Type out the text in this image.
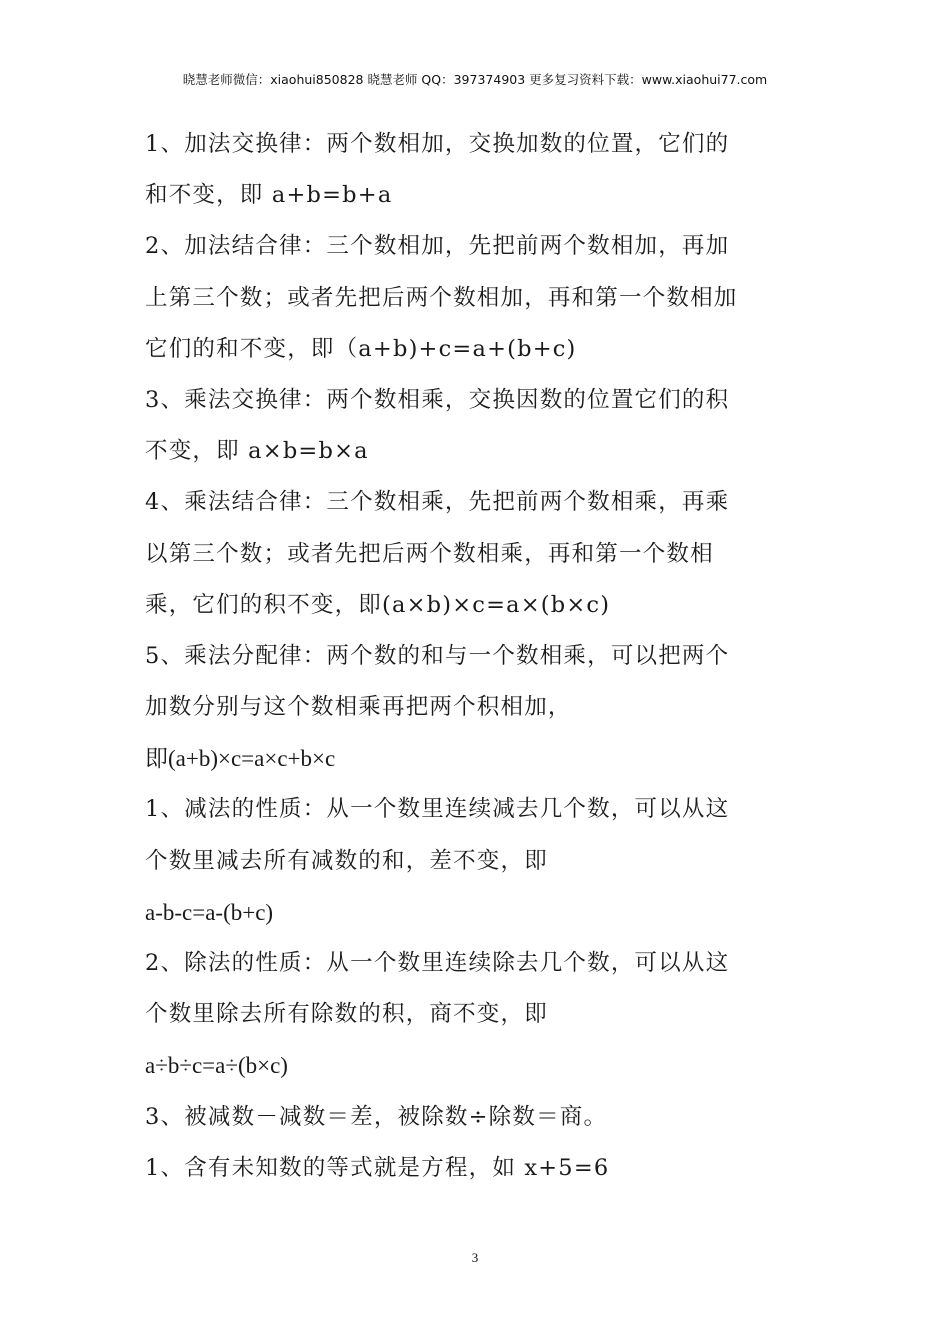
晓慧老师微信：xiaohui850828 晓慧老师 QQ：397374903 更多复习资料下载：www.xiaohui77.com
1、加法交换律：两个数相加，交换加数的位置，它们的
和不变，即 a+b=b+a
2、加法结合律：三个数相加，先把前两个数相加，再加
上第三个数；或者先把后两个数相加，再和第一个数相加
它们的和不变，即（a+b)+c=a+(b+c)
3、乘法交换律：两个数相乘，交换因数的位置它们的积
不变，即 a×b=b×a
4、乘法结合律：三个数相乘，先把前两个数相乘，再乘
以第三个数；或者先把后两个数相乘，再和第一个数相
乘，它们的积不变，即(a×b)×c=a×(b×c)
5、乘法分配律：两个数的和与一个数相乘，可以把两个
加数分别与这个数相乘再把两个积相加，
即(a+b)×c=a×c+b×c
1、减法的性质：从一个数里连续减去几个数，可以从这
个数里减去所有减数的和，差不变，即
a-b-c=a-(b+c)
2、除法的性质：从一个数里连续除去几个数，可以从这
个数里除去所有除数的积，商不变，即
a÷b÷c=a÷(b×c)
3、被减数－减数＝差，被除数÷除数＝商。
1、含有未知数的等式就是方程，如 x+5=6
3
